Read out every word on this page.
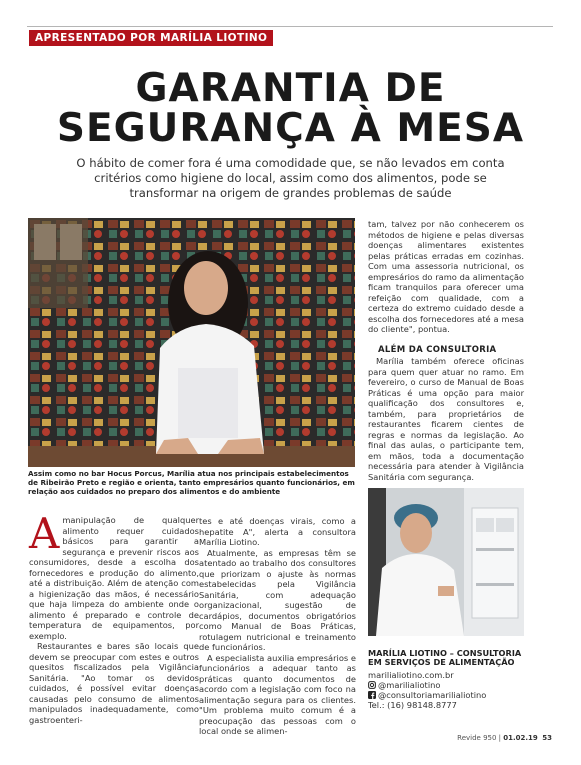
APRESENTADO POR MARÍLIA LIOTINO
GARANTIA DE
SEGURANÇA À MESA
O hábito de comer fora é uma comodidade que, se não levados em conta critérios como higiene do local, assim como dos alimentos, pode se transformar na origem de grandes problemas de saúde
Assim como no bar Hocus Porcus, Marília atua nos principais estabelecimentos de Ribeirão Preto e região e orienta, tanto empresários quanto funcionários, em relação aos cuidados no preparo dos alimentos e do ambiente
A manipulação de qualquer alimento requer cuidados básicos para garantir a segurança e prevenir riscos aos consumidores, desde a escolha dos fornecedores e produção do alimento, até a distribuição. Além de atenção com a higienização das mãos, é necessário que haja limpeza do ambiente onde o alimento é preparado e controle de temperatura de equipamentos, por exemplo.

Restaurantes e bares são locais que devem se preocupar com estes e outros quesitos fiscalizados pela Vigilância Sanitária. "Ao tomar os devidos cuidados, é possível evitar doenças causadas pelo consumo de alimentos manipulados inadequadamente, como gastroenteri-

tes e até doenças virais, como a hepatite A", alerta a consultora Marília Liotino.

Atualmente, as empresas têm se atentado ao trabalho dos consultores que priorizam o ajuste às normas estabelecidas pela Vigilância Sanitária, com adequação organizacional, sugestão de cardápios, documentos obrigatórios como Manual de Boas Práticas, rotulagem nutricional e treinamento de funcionários.

A especialista auxilia empresários e funcionários a adequar tanto as práticas quanto documentos de acordo com a legislação com foco na alimentação segura para os clientes. "Um problema muito comum é a preocupação das pessoas com o local onde se alimen-

tam, talvez por não conhecerem os métodos de higiene e pelas diversas doenças alimentares existentes pelas práticas erradas em cozinhas. Com uma assessoria nutricional, os empresários do ramo da alimentação ficam tranquilos para oferecer uma refeição com qualidade, com a certeza do extremo cuidado desde a escolha dos fornecedores até a mesa do cliente", pontua.

ALÉM DA CONSULTORIA

Marília também oferece oficinas para quem quer atuar no ramo. Em fevereiro, o curso de Manual de Boas Práticas é uma opção para maior qualificação dos consultores e, também, para proprietários de restaurantes ficarem cientes de regras e normas da legislação. Ao final das aulas, o participante tem, em mãos, toda a documentação necessária para atender à Vigilância Sanitária com segurança.

MARÍLIA LIOTINO – CONSULTORIA EM SERVIÇOS DE ALIMENTAÇÃO
marilialiotino.com.br
@marilialiotino
@consultoriamarilialiotino
Tel.: (16) 98148.8777
Revide 950 | 01.02.19 53
